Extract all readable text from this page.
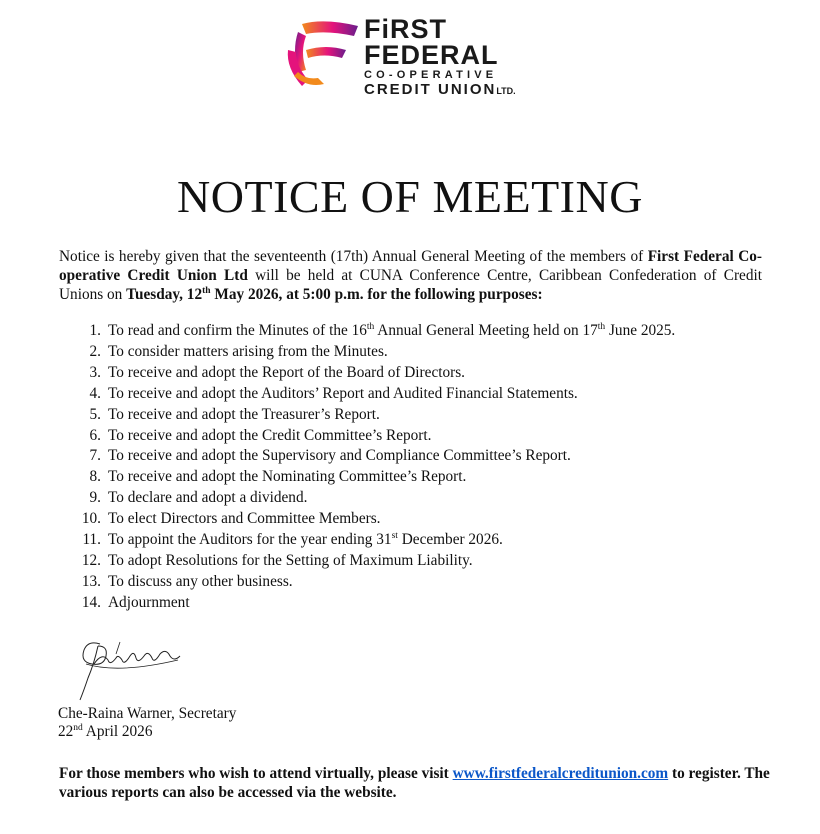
FiRST
FEDERAL
CO-OPERATIVE
CREDIT UNIONLTD.
NOTICE OF MEETING

Notice is hereby given that the seventeenth (17th) Annual General Meeting of the members of First Federal Co-operative Credit Union Ltd will be held at CUNA Conference Centre, Caribbean Confederation of Credit Unions on Tuesday, 12th May 2026, at 5:00 p.m. for the following purposes:

1. To read and confirm the Minutes of the 16th Annual General Meeting held on 17th June 2025.
2. To consider matters arising from the Minutes.
3. To receive and adopt the Report of the Board of Directors.
4. To receive and adopt the Auditors’ Report and Audited Financial Statements.
5. To receive and adopt the Treasurer’s Report.
6. To receive and adopt the Credit Committee’s Report.
7. To receive and adopt the Supervisory and Compliance Committee’s Report.
8. To receive and adopt the Nominating Committee’s Report.
9. To declare and adopt a dividend.
10. To elect Directors and Committee Members.
11. To appoint the Auditors for the year ending 31st December 2026.
12. To adopt Resolutions for the Setting of Maximum Liability.
13. To discuss any other business.
14. Adjournment

Che-Raina Warner, Secretary

22nd April 2026

For those members who wish to attend virtually, please visit www.firstfederalcreditunion.com to register. The various reports can also be accessed via the website.
